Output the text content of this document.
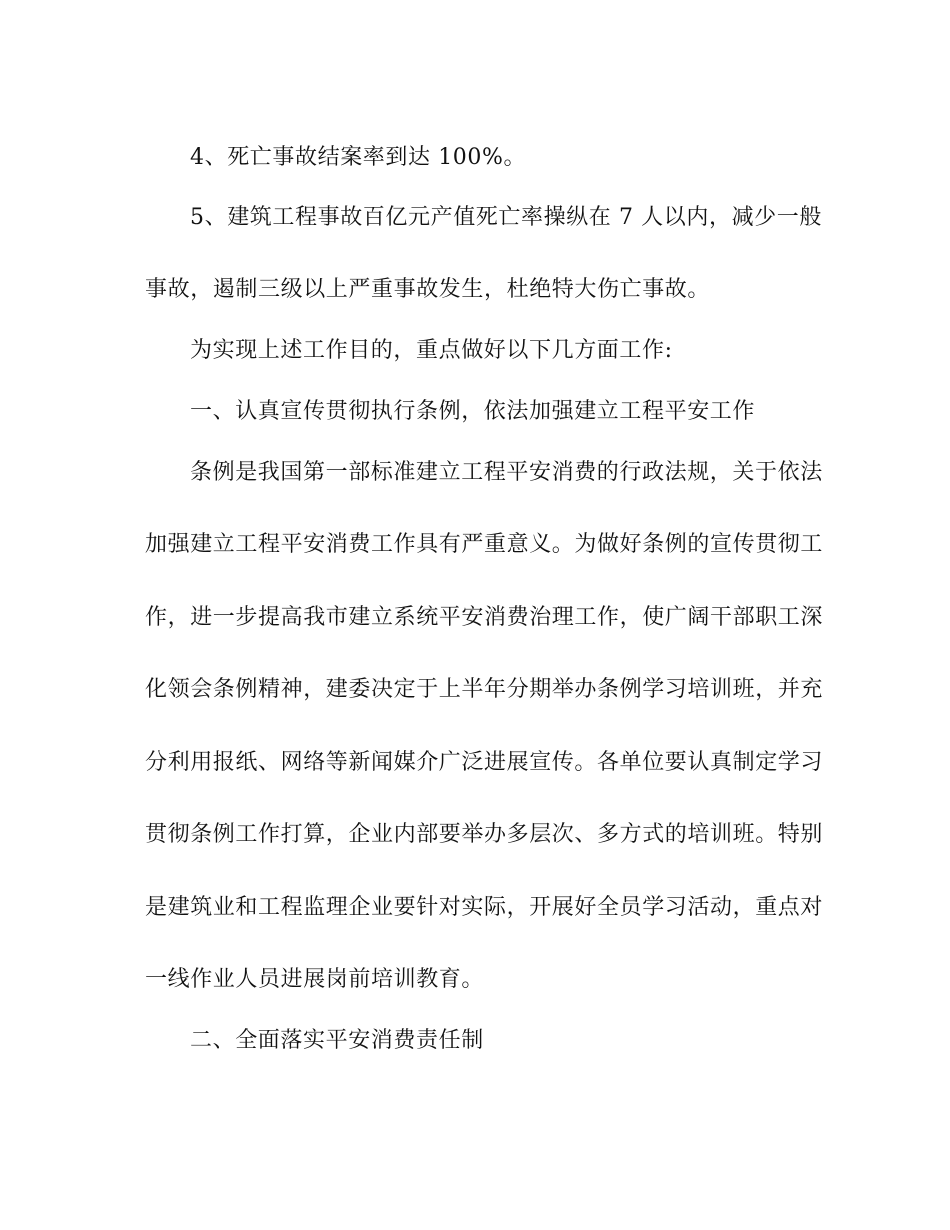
4、死亡事故结案率到达 100%。
5、建筑工程事故百亿元产值死亡率操纵在 7 人以内，减少一般
事故，遏制三级以上严重事故发生，杜绝特大伤亡事故。
为实现上述工作目的，重点做好以下几方面工作:
一、认真宣传贯彻执行条例，依法加强建立工程平安工作
条例是我国第一部标准建立工程平安消费的行政法规，关于依法
加强建立工程平安消费工作具有严重意义。为做好条例的宣传贯彻工
作，进一步提高我市建立系统平安消费治理工作，使广阔干部职工深
化领会条例精神，建委决定于上半年分期举办条例学习培训班，并充
分利用报纸、网络等新闻媒介广泛进展宣传。各单位要认真制定学习
贯彻条例工作打算，企业内部要举办多层次、多方式的培训班。特别
是建筑业和工程监理企业要针对实际，开展好全员学习活动，重点对
一线作业人员进展岗前培训教育。
二、全面落实平安消费责任制
